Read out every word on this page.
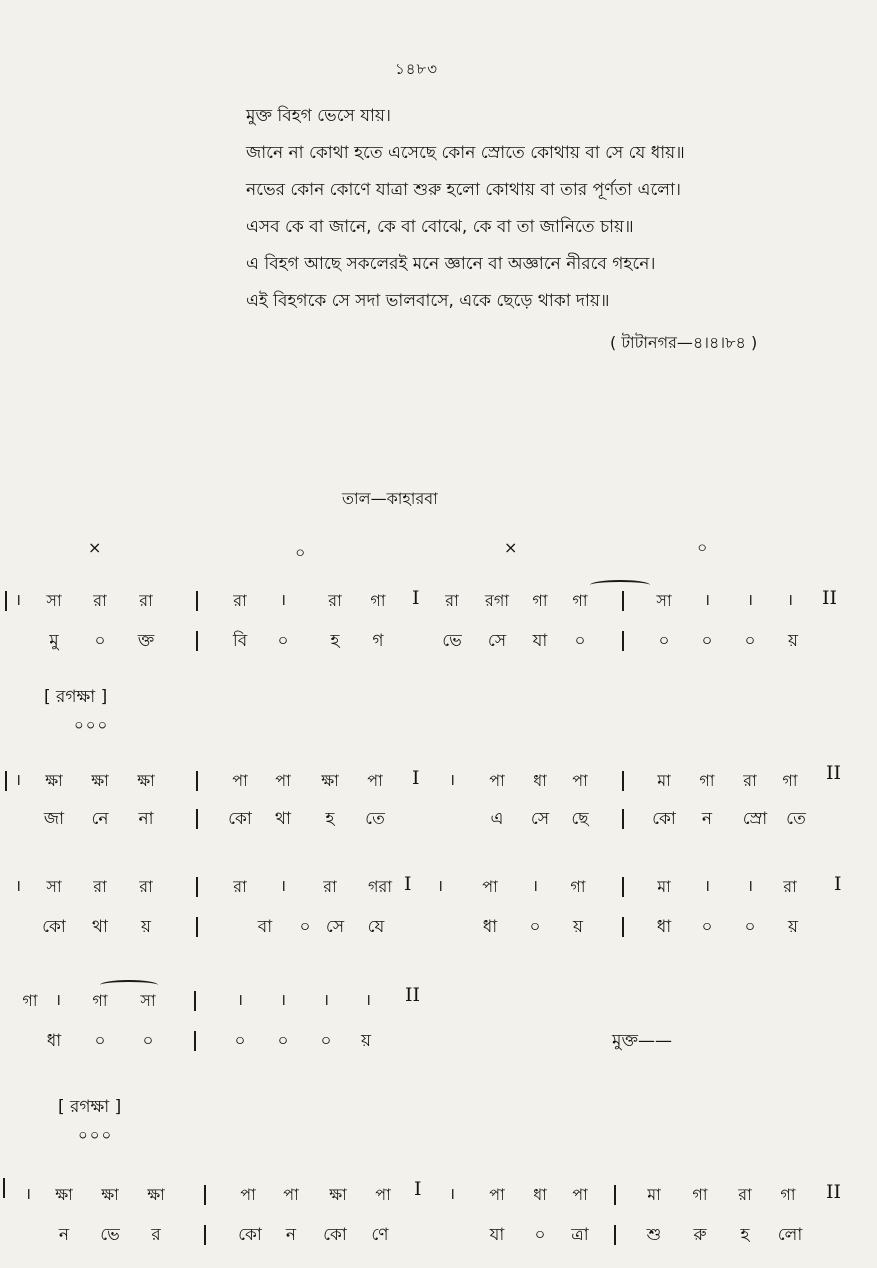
১৪৮৩
মুক্ত বিহগ ভেসে যায়।
জানে না কোথা হতে এসেছে কোন স্রোতে কোথায় বা সে যে ধায়॥
নভের কোন কোণে যাত্রা শুরু হলো কোথায় বা তার পূর্ণতা এলো।
এসব কে বা জানে, কে বা বোঝে, কে বা তা জানিতে চায়॥
এ বিহগ আছে সকলেরই মনে জ্ঞানে বা অজ্ঞানে নীরবে গহনে।
এই বিহগকে সে সদা ভালবাসে, একে ছেড়ে থাকা দায়॥
( টাটানগর—৪।৪।৮৪ )
তাল—কাহারবা
×	০	×	০
। সা রা রা	রা ।	রা গা I রা রগা গা গা	সা । । । II
মু ০ ক্ত	বি ০ হ গ	ভে সে যা ০	০ ০ ০ য়
[ রগক্ষা ]
০০০
। ক্ষা ক্ষা ক্ষা	পা পা ক্ষা পা I । পা ধা পা	মা গা রা গা II
জা নে না	কো থা হ তে	এ সে ছে	কো ন স্রো তে
। সা রা রা	রা । রা গরা I । পা । গা	মা । । রা I
কো থা য়	বা ০ সে যে	ধা ০ য়	ধা ০ ০ য়
গা । গা সা	। । । । II
ধা ০ ০	০ ০ ০ য়	মুক্ত——
[ রগক্ষা ]
০০০
। ক্ষা ক্ষা ক্ষা	পা পা ক্ষা পা I । পা ধা পা	মা গা রা গা II
ন ভে র	কো ন কো ণে	যা ০ ত্রা	শু রু হ লো
